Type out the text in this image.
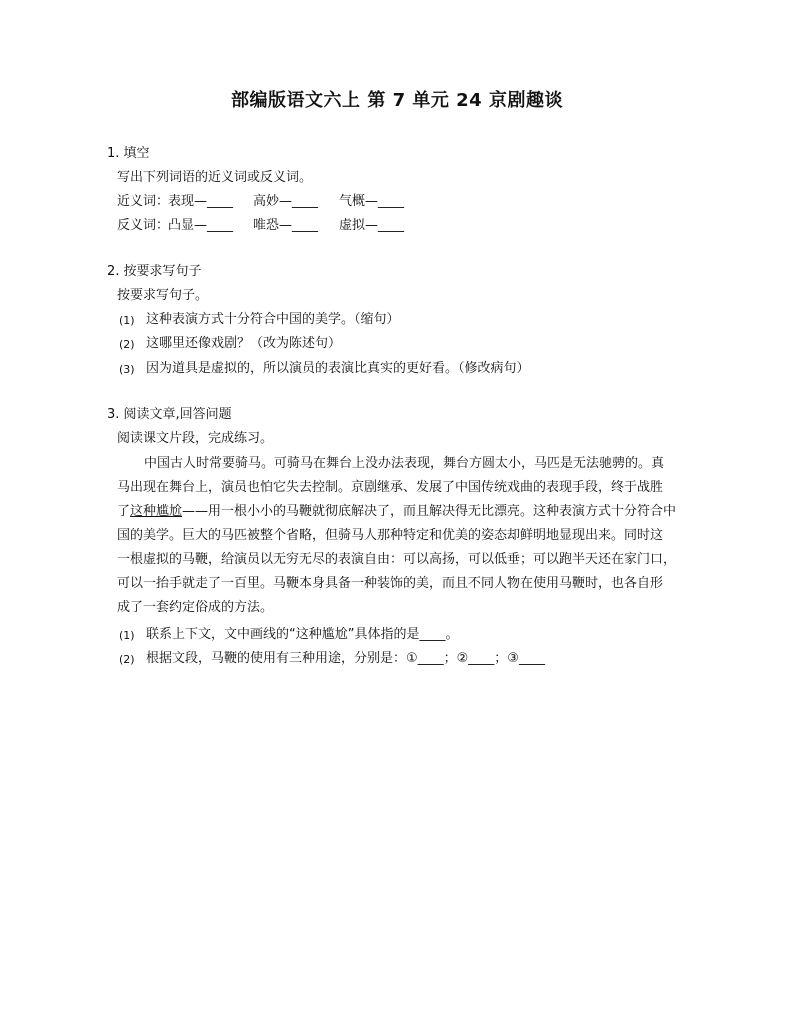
部编版语文六上 第 7 单元 24 京剧趣谈
1. 填空
写出下列词语的近义词或反义词。
近义词：
表现—____ 高妙—____ 气概—____
反义词：
凸显—____ 唯恐—____ 虚拟—____
2. 按要求写句子
按要求写句子。
(1) 这种表演方式十分符合中国的美学。（缩句）
(2) 这哪里还像戏剧？（改为陈述句）
(3) 因为道具是虚拟的，所以演员的表演比真实的更好看。（修改病句）
3. 阅读文章,回答问题
阅读课文片段，完成练习。
中国古人时常要骑马。可骑马在舞台上没办法表现，舞台方圆太小，马匹是无法驰骋的。真
马出现在舞台上，演员也怕它失去控制。京剧继承、发展了中国传统戏曲的表现手段，终于战胜
了这种尴尬——用一根小小的马鞭就彻底解决了，而且解决得无比漂亮。这种表演方式十分符合中
国的美学。巨大的马匹被整个省略，但骑马人那种特定和优美的姿态却鲜明地显现出来。同时这
一根虚拟的马鞭，给演员以无穷无尽的表演自由：可以高扬，可以低垂；可以跑半天还在家门口，
可以一抬手就走了一百里。马鞭本身具备一种装饰的美，而且不同人物在使用马鞭时，也各自形
成了一套约定俗成的方法。
(1) 联系上下文，文中画线的“这种尴尬”具体指的是____。
(2) 根据文段，马鞭的使用有三种用途，分别是：①____；②____；③____
